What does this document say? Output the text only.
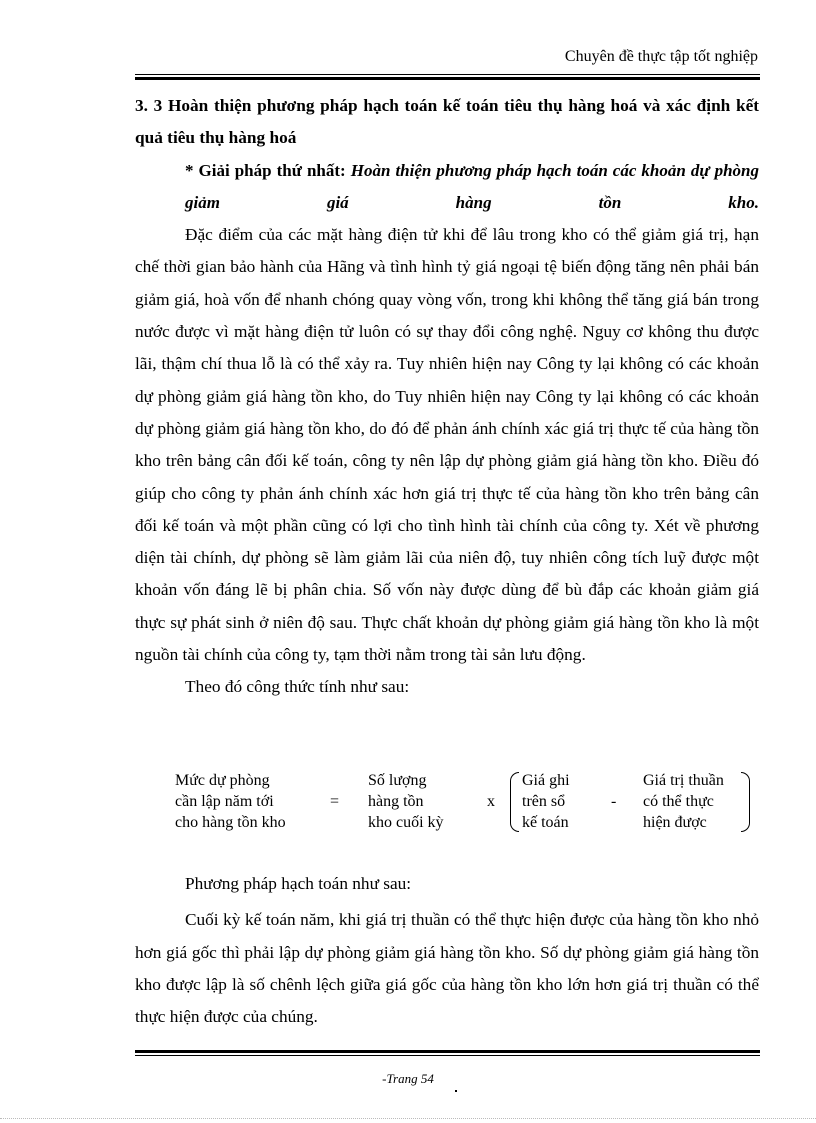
Chuyên đề thực tập tốt nghiệp

3. 3 Hoàn thiện phương pháp hạch toán kế toán tiêu thụ hàng hoá và xác định kết quả tiêu thụ hàng hoá

* Giải pháp thứ nhất: Hoàn thiện phương pháp hạch toán các khoản dự phòng giảm giá hàng tồn kho.

Đặc điểm của các mặt hàng điện tử khi để lâu trong kho có thể giảm giá trị, hạn chế thời gian bảo hành của Hãng và tình hình tỷ giá ngoại tệ biến động tăng nên phải bán giảm giá, hoà vốn để nhanh chóng quay vòng vốn, trong khi không thể tăng giá bán trong nước được vì mặt hàng điện tử luôn có sự thay đổi công nghệ. Nguy cơ không thu được lãi, thậm chí thua lỗ là có thể xảy ra. Tuy nhiên hiện nay Công ty lại không có các khoản dự phòng giảm giá hàng tồn kho, do Tuy nhiên hiện nay Công ty lại không có các khoản dự phòng giảm giá hàng tồn kho, do đó để phản ánh chính xác giá trị thực tế của hàng tồn kho trên bảng cân đối kế toán, công ty nên lập dự phòng giảm giá hàng tồn kho. Điều đó giúp cho công ty phản ánh chính xác hơn giá trị thực tế của hàng tồn kho trên bảng cân đối kế toán và một phần cũng có lợi cho tình hình tài chính của công ty. Xét về phương diện tài chính, dự phòng sẽ làm giảm lãi của niên độ, tuy nhiên công tích luỹ được một khoản vốn đáng lẽ bị phân chia. Số vốn này được dùng để bù đắp các khoản giảm giá thực sự phát sinh ở niên độ sau. Thực chất khoản dự phòng giảm giá hàng tồn kho là một nguồn tài chính của công ty, tạm thời nằm trong tài sản lưu động.

Theo đó công thức tính như sau:

Mức dự phòng
cần lập năm tới
cho hàng tồn kho
=
Số lượng
hàng tồn
kho cuối kỳ
x
Giá ghi
trên sổ
kế toán
-
Giá trị thuần
có thể thực
hiện được

Phương pháp hạch toán như sau:

Cuối kỳ kế toán năm, khi giá trị thuần có thể thực hiện được của hàng tồn kho nhỏ hơn giá gốc thì phải lập dự phòng giảm giá hàng tồn kho. Số dự phòng giảm giá hàng tồn kho được lập là số chênh lệch giữa giá gốc của hàng tồn kho lớn hơn giá trị thuần có thể thực hiện được của chúng.

-Trang 54
